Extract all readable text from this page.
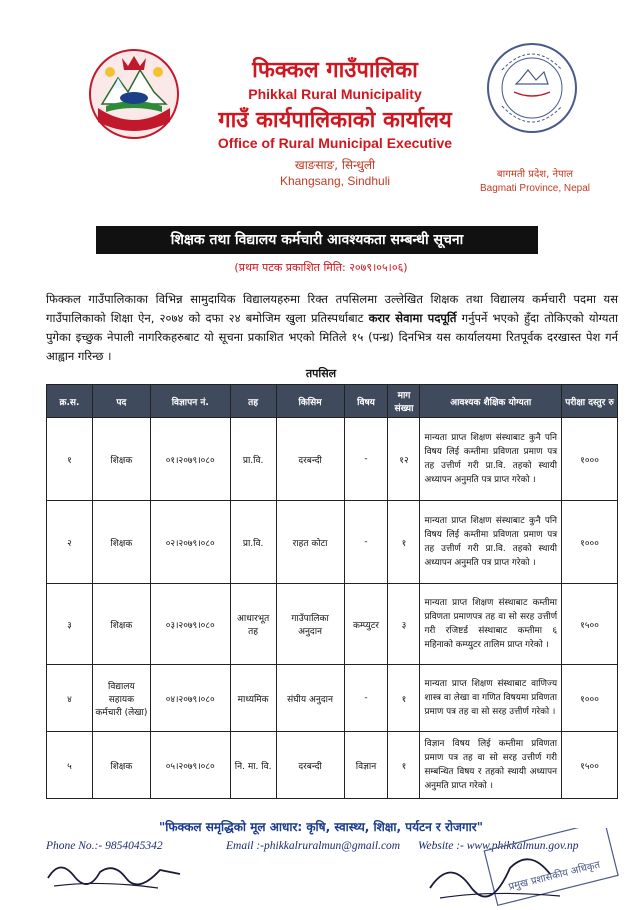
फिक्कल गाउँपालिका
Phikkal Rural Municipality
गाउँ कार्यपालिकाको कार्यालय
Office of Rural Municipal Executive
खाङसाङ, सिन्धुली
Khangsang, Sindhuli	बागमती प्रदेश, नेपाल
Bagmati Province, Nepal
शिक्षक तथा विद्यालय कर्मचारी आवश्यकता सम्बन्धी सूचना
(प्रथम पटक प्रकाशित मिति: २०७९।०५।०६)
फिक्कल गाउँपालिकाका विभिन्न सामुदायिक विद्यालयहरुमा रिक्त तपसिलमा उल्लेखित शिक्षक तथा विद्यालय कर्मचारी पदमा यस गाउँपालिकाको शिक्षा ऐन, २०७४ को दफा २४ बमोजिम खुला प्रतिस्पर्धाबाट करार सेवामा पदपूर्ति गर्नुपर्ने भएको हुँदा तोकिएको योग्यता पुगेका इच्छुक नेपाली नागरिकहरुबाट यो सूचना प्रकाशित भएको मितिले १५ (पन्ध्र) दिनभित्र यस कार्यालयमा रितपूर्वक दरखास्त पेश गर्न आह्वान गरिन्छ ।
तपसिल
क्र.स.	पद	विज्ञापन नं.	तह	किसिम	विषय	माग संख्या	आवश्यक शैक्षिक योग्यता	परीक्षा दस्तुर रु
१	शिक्षक	०१।२०७९।०८०	प्रा.वि.	दरबन्दी	-	१२	मान्यता प्राप्त शिक्षण संस्थाबाट कुनै पनि विषय लिई कम्तीमा प्रविणता प्रमाण पत्र तह उत्तीर्ण गरी प्रा.वि. तहको स्थायी अध्यापन अनुमति पत्र प्राप्त गरेको ।	१०००
२	शिक्षक	०२।२०७९।०८०	प्रा.वि.	राहत कोटा	-	१	मान्यता प्राप्त शिक्षण संस्थाबाट कुनै पनि विषय लिई कम्तीमा प्रविणता प्रमाण पत्र तह उत्तीर्ण गरी प्रा.वि. तहको स्थायी अध्यापन अनुमति पत्र प्राप्त गरेको ।	१०००
३	शिक्षक	०३।२०७९।०८०	आधारभूत तह	गाउँपालिका अनुदान	कम्प्युटर	३	मान्यता प्राप्त शिक्षण संस्थाबाट कम्तीमा प्रविणता प्रमाणपत्र तह वा सो सरह उत्तीर्ण गरी रजिष्टर्ड संस्थाबाट कम्तीमा ६ महिनाको कम्प्युटर तालिम प्राप्त गरेको ।	१५००
४	विद्यालय सहायक कर्मचारी (लेखा)	०४।२०७९।०८०	माध्यमिक	संघीय अनुदान	-	१	मान्यता प्राप्त शिक्षण संस्थाबाट वाणिज्य शास्त्र वा लेखा वा गणित विषयमा प्रविणता प्रमाण पत्र तह वा सो सरह उत्तीर्ण गरेको ।	१०००
५	शिक्षक	०५।२०७९।०८०	नि. मा. वि.	दरबन्दी	विज्ञान	१	विज्ञान विषय लिई कम्तीमा प्रविणता प्रमाण पत्र तह वा सो सरह उत्तीर्ण गरी सम्बन्धित विषय र तहको स्थायी अध्यापन अनुमति प्राप्त गरेको ।	१५००
"फिक्कल समृद्धिको मूल आधार: कृषि, स्वास्थ्य, शिक्षा, पर्यटन र रोजगार"
Phone No.:- 9854045342	Email :-phikkalruralmun@gmail.com Website :- www.phikkalmun.gov.np
प्रमुख प्रशासकीय अधिकृत
